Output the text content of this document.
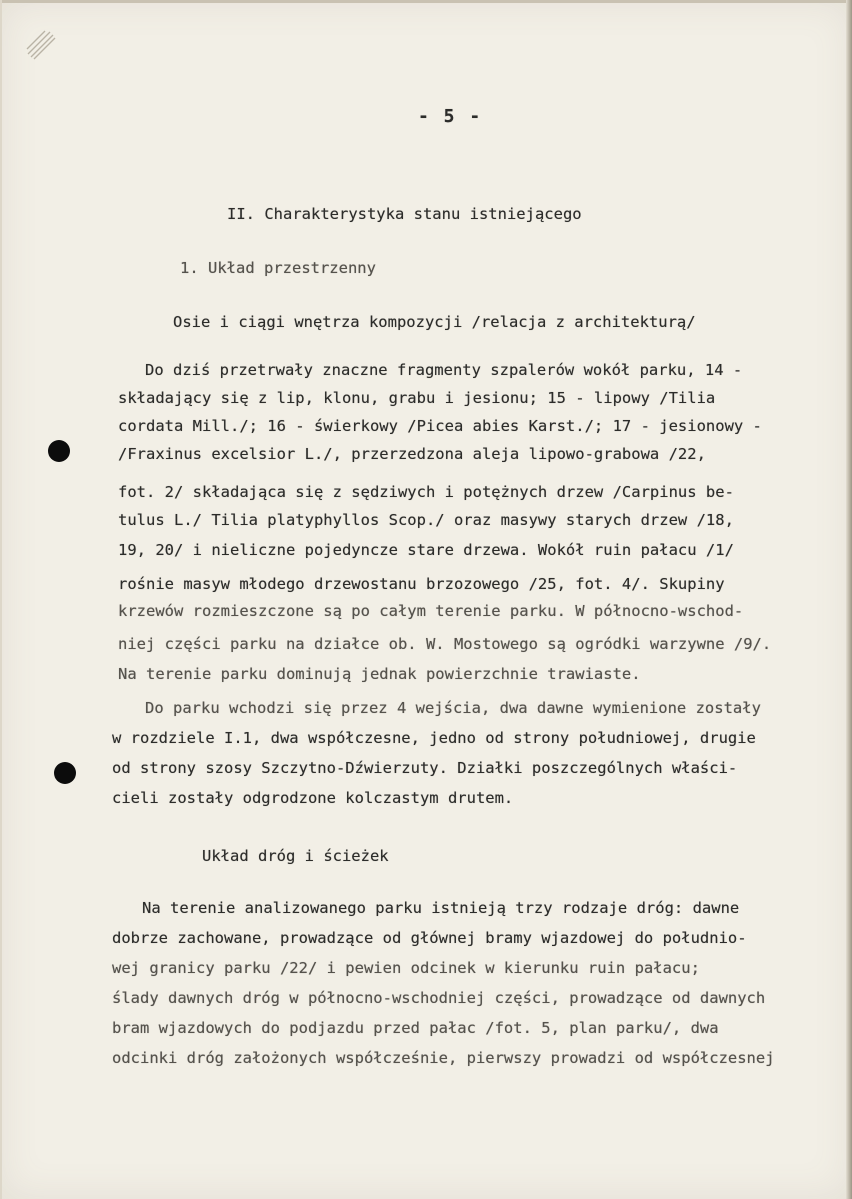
- 5 -
II. Charakterystyka stanu istniejącego
1. Układ przestrzenny
Osie i ciągi wnętrza kompozycji /relacja z architekturą/
Do dziś przetrwały znaczne fragmenty szpalerów wokół parku, 14 -
składający się z lip, klonu, grabu i jesionu; 15 - lipowy /Tilia
cordata Mill./; 16 - świerkowy /Picea abies Karst./; 17 - jesionowy -
/Fraxinus excelsior L./, przerzedzona aleja lipowo-grabowa /22,
fot. 2/ składająca się z sędziwych i potężnych drzew /Carpinus be-
tulus L./ Tilia platyphyllos Scop./ oraz masywy starych drzew /18,
19, 20/ i nieliczne pojedyncze stare drzewa. Wokół ruin pałacu /1/
rośnie masyw młodego drzewostanu brzozowego /25, fot. 4/. Skupiny
krzewów rozmieszczone są po całym terenie parku. W północno-wschod-
niej części parku na działce ob. W. Mostowego są ogródki warzywne /9/.
Na terenie parku dominują jednak powierzchnie trawiaste.
Do parku wchodzi się przez 4 wejścia, dwa dawne wymienione zostały
w rozdziele I.1, dwa współczesne, jedno od strony południowej, drugie
od strony szosy Szczytno-Dźwierzuty. Działki poszczególnych właści-
cieli zostały odgrodzone kolczastym drutem.
Układ dróg i ścieżek
Na terenie analizowanego parku istnieją trzy rodzaje dróg: dawne
dobrze zachowane, prowadzące od głównej bramy wjazdowej do południo-
wej granicy parku /22/ i pewien odcinek w kierunku ruin pałacu;
ślady dawnych dróg w północno-wschodniej części, prowadzące od dawnych
bram wjazdowych do podjazdu przed pałac /fot. 5, plan parku/, dwa
odcinki dróg założonych współcześnie, pierwszy prowadzi od współczesnej
